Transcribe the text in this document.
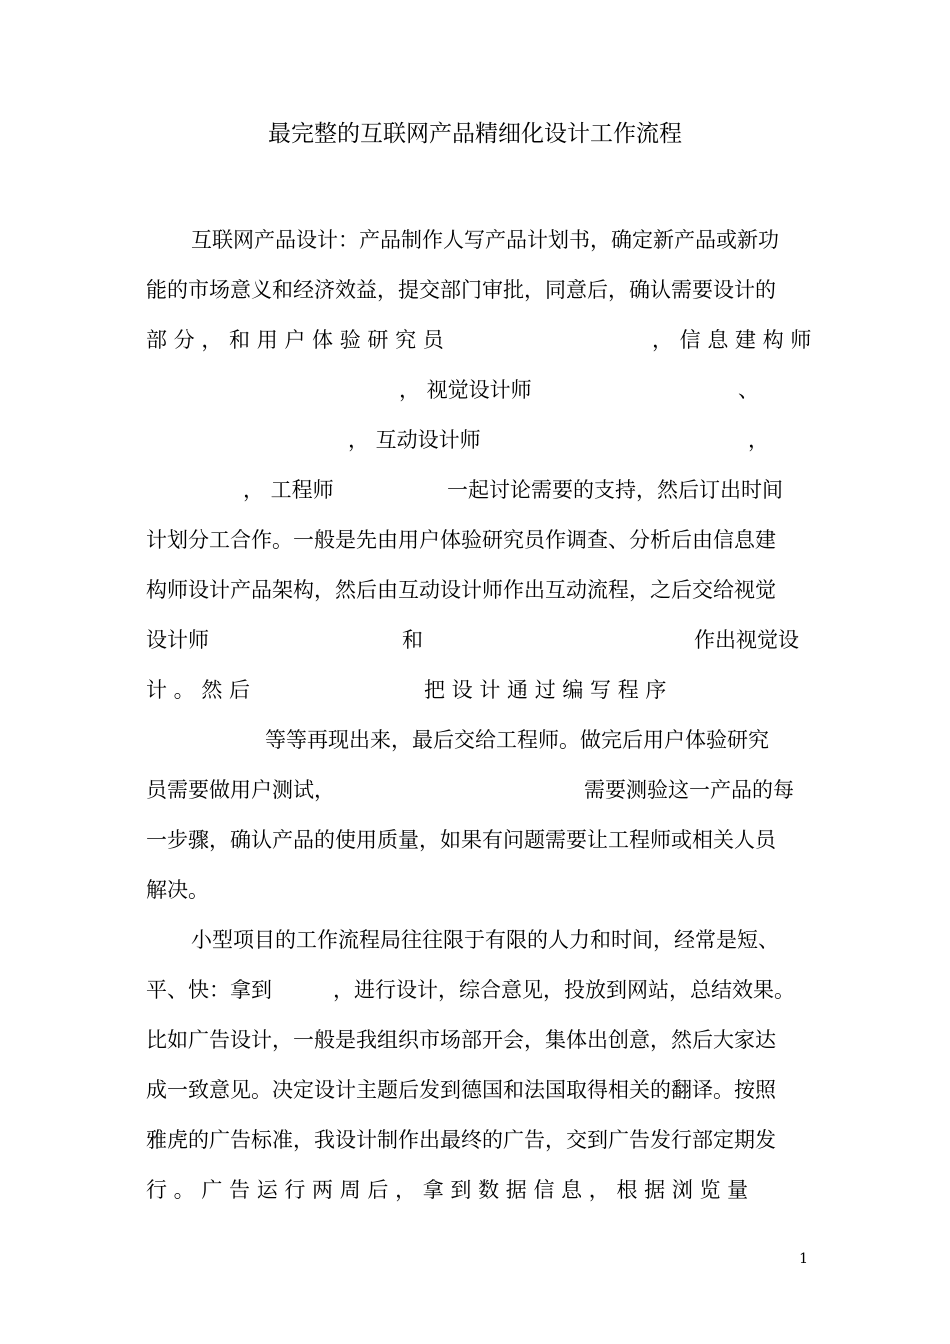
最完整的互联网产品精细化设计工作流程
互联网产品设计：产品制作人写产品计划书，确定新产品或新功
能的市场意义和经济效益，提交部门审批，同意后，确认需要设计的
部 分 ， 和 用 户 体 验 研 究 员	， 信 息 建 构 师
， 视觉设计师	、
， 互动设计师	，
， 工程师	一起讨论需要的支持，然后订出时间
计划分工合作。一般是先由用户体验研究员作调查、分析后由信息建
构师设计产品架构，然后由互动设计师作出互动流程，之后交给视觉
设计师	和	作出视觉设
计 。 然 后	把 设 计 通 过 编 写 程 序
等等再现出来，最后交给工程师。做完后用户体验研究
员需要做用户测试，	需要测验这一产品的每
一步骤，确认产品的使用质量，如果有问题需要让工程师或相关人员
解决。
小型项目的工作流程局往往限于有限的人力和时间，经常是短、
平、快：拿到	，进行设计，综合意见，投放到网站，总结效果。
比如广告设计，一般是我组织市场部开会，集体出创意，然后大家达
成一致意见。决定设计主题后发到德国和法国取得相关的翻译。按照
雅虎的广告标准，我设计制作出最终的广告，交到广告发行部定期发
行 。 广 告 运 行 两 周 后 ， 拿 到 数 据 信 息 ， 根 据 浏 览 量
1
